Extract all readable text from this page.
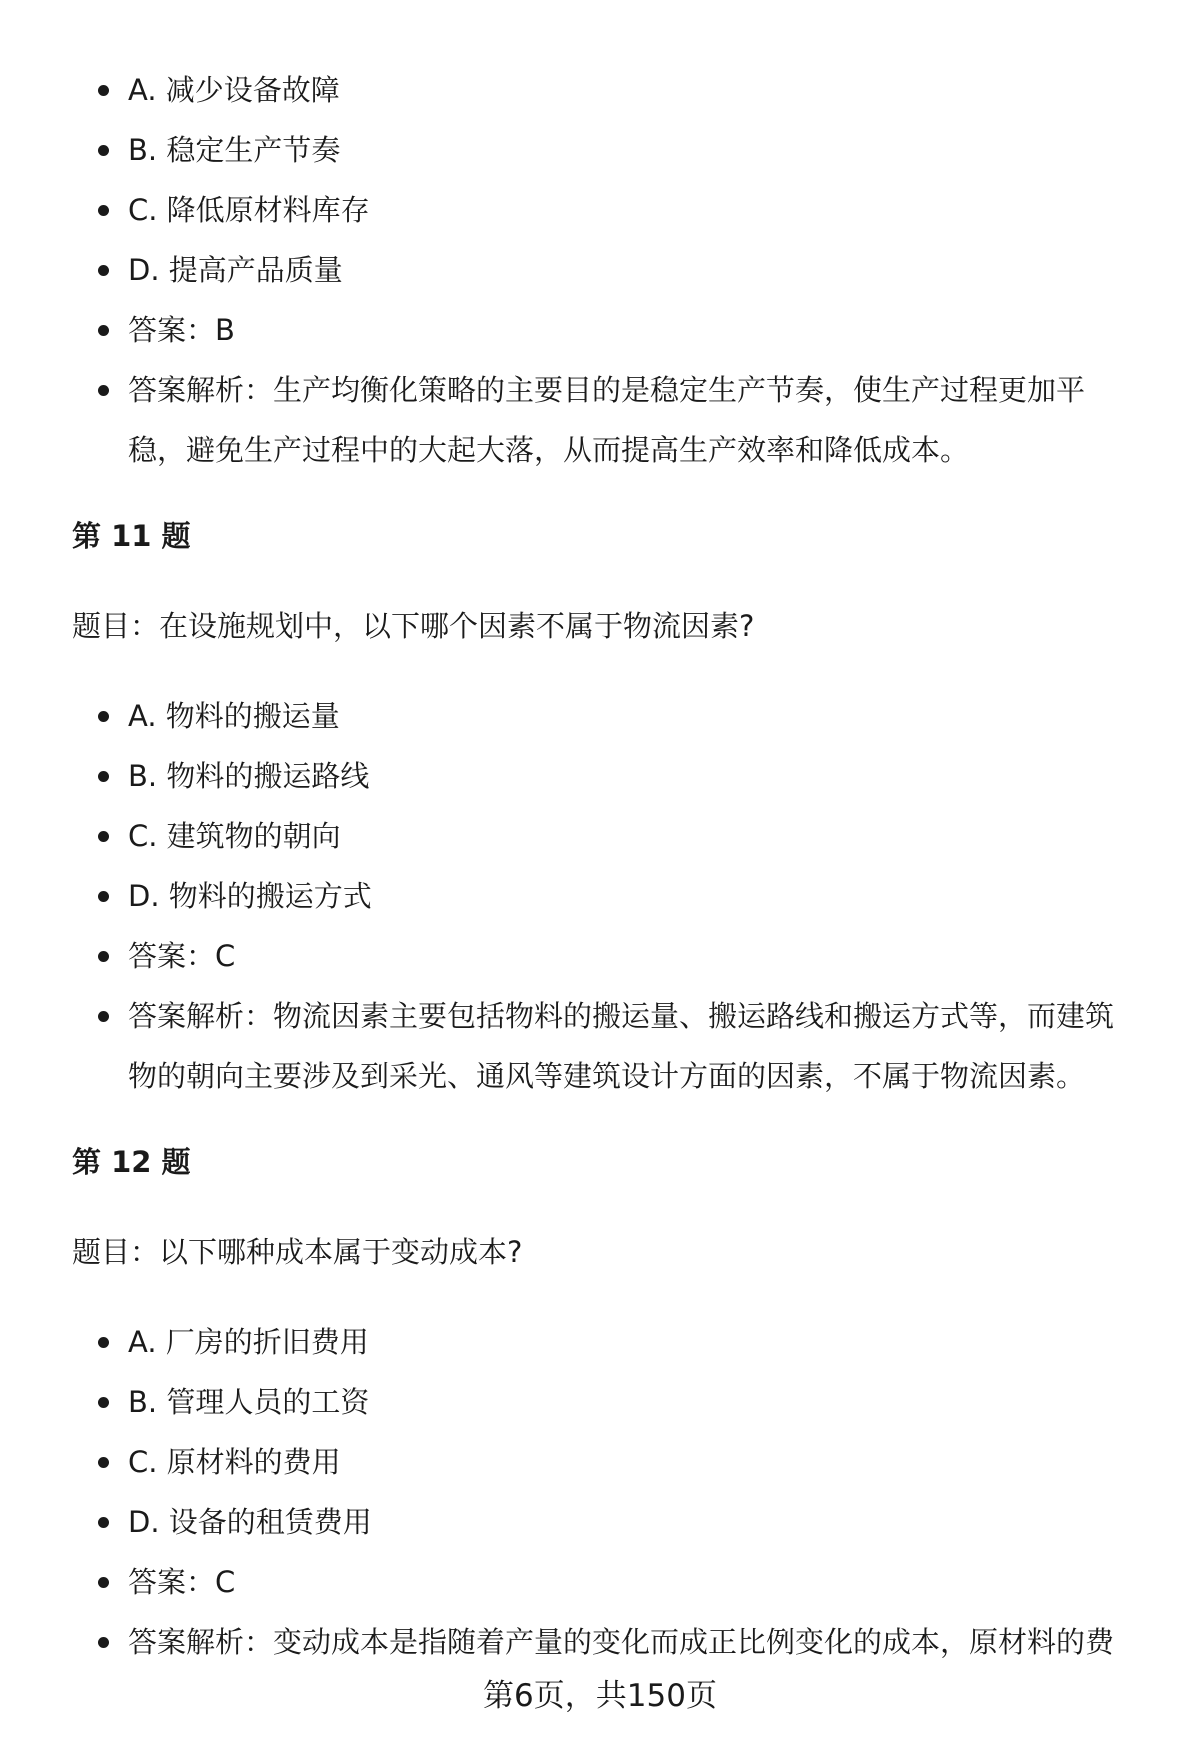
A. 减少设备故障
B. 稳定生产节奏
C. 降低原材料库存
D. 提高产品质量
答案：B
答案解析：生产均衡化策略的主要目的是稳定生产节奏，使生产过程更加平稳，避免生产过程中的大起大落，从而提高生产效率和降低成本。
第 11 题
题目：在设施规划中，以下哪个因素不属于物流因素?
A. 物料的搬运量
B. 物料的搬运路线
C. 建筑物的朝向
D. 物料的搬运方式
答案：C
答案解析：物流因素主要包括物料的搬运量、搬运路线和搬运方式等，而建筑物的朝向主要涉及到采光、通风等建筑设计方面的因素，不属于物流因素。
第 12 题
题目：以下哪种成本属于变动成本?
A. 厂房的折旧费用
B. 管理人员的工资
C. 原材料的费用
D. 设备的租赁费用
答案：C
答案解析：变动成本是指随着产量的变化而成正比例变化的成本，原材料的费
第6页，共150页
